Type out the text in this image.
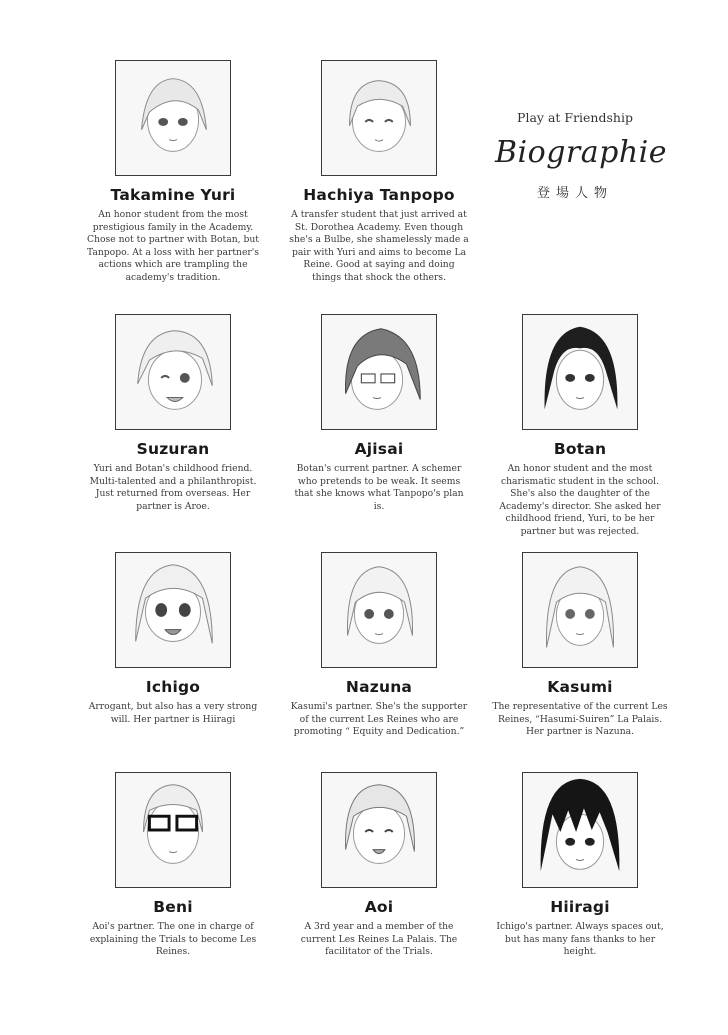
Play at Friendship
Biographie
登場人物
Takamine Yuri
An honor student from the most prestigious family in the Academy. Chose not to partner with Botan, but Tanpopo. At a loss with her partner's actions which are trampling the academy's tradition.
Hachiya Tanpopo
A transfer student that just arrived at St. Dorothea Academy. Even though she's a Bulbe, she shamelessly made a pair with Yuri and aims to become La Reine. Good at saying and doing things that shock the others.
Suzuran
Yuri and Botan's childhood friend. Multi-talented and a philanthropist. Just returned from overseas. Her partner is Aroe.
Ajisai
Botan's current partner. A schemer who pretends to be weak. It seems that she knows what Tanpopo's plan is.
Botan
An honor student and the most charismatic student in the school. She's also the daughter of the Academy's director. She asked her childhood friend, Yuri, to be her partner but was rejected.
Ichigo
Arrogant, but also has a very strong will. Her partner is Hiiragi
Nazuna
Kasumi's partner. She's the supporter of the current Les Reines who are promoting “ Equity and Dedication.”
Kasumi
The representative of the current Les Reines, “Hasumi-Suiren” La Palais. Her partner is Nazuna.
Beni
Aoi's partner. The one in charge of explaining the Trials to become Les Reines.
Aoi
A 3rd year and a member of the current Les Reines La Palais. The facilitator of the Trials.
Hiiragi
Ichigo's partner. Always spaces out, but has many fans thanks to her height.
